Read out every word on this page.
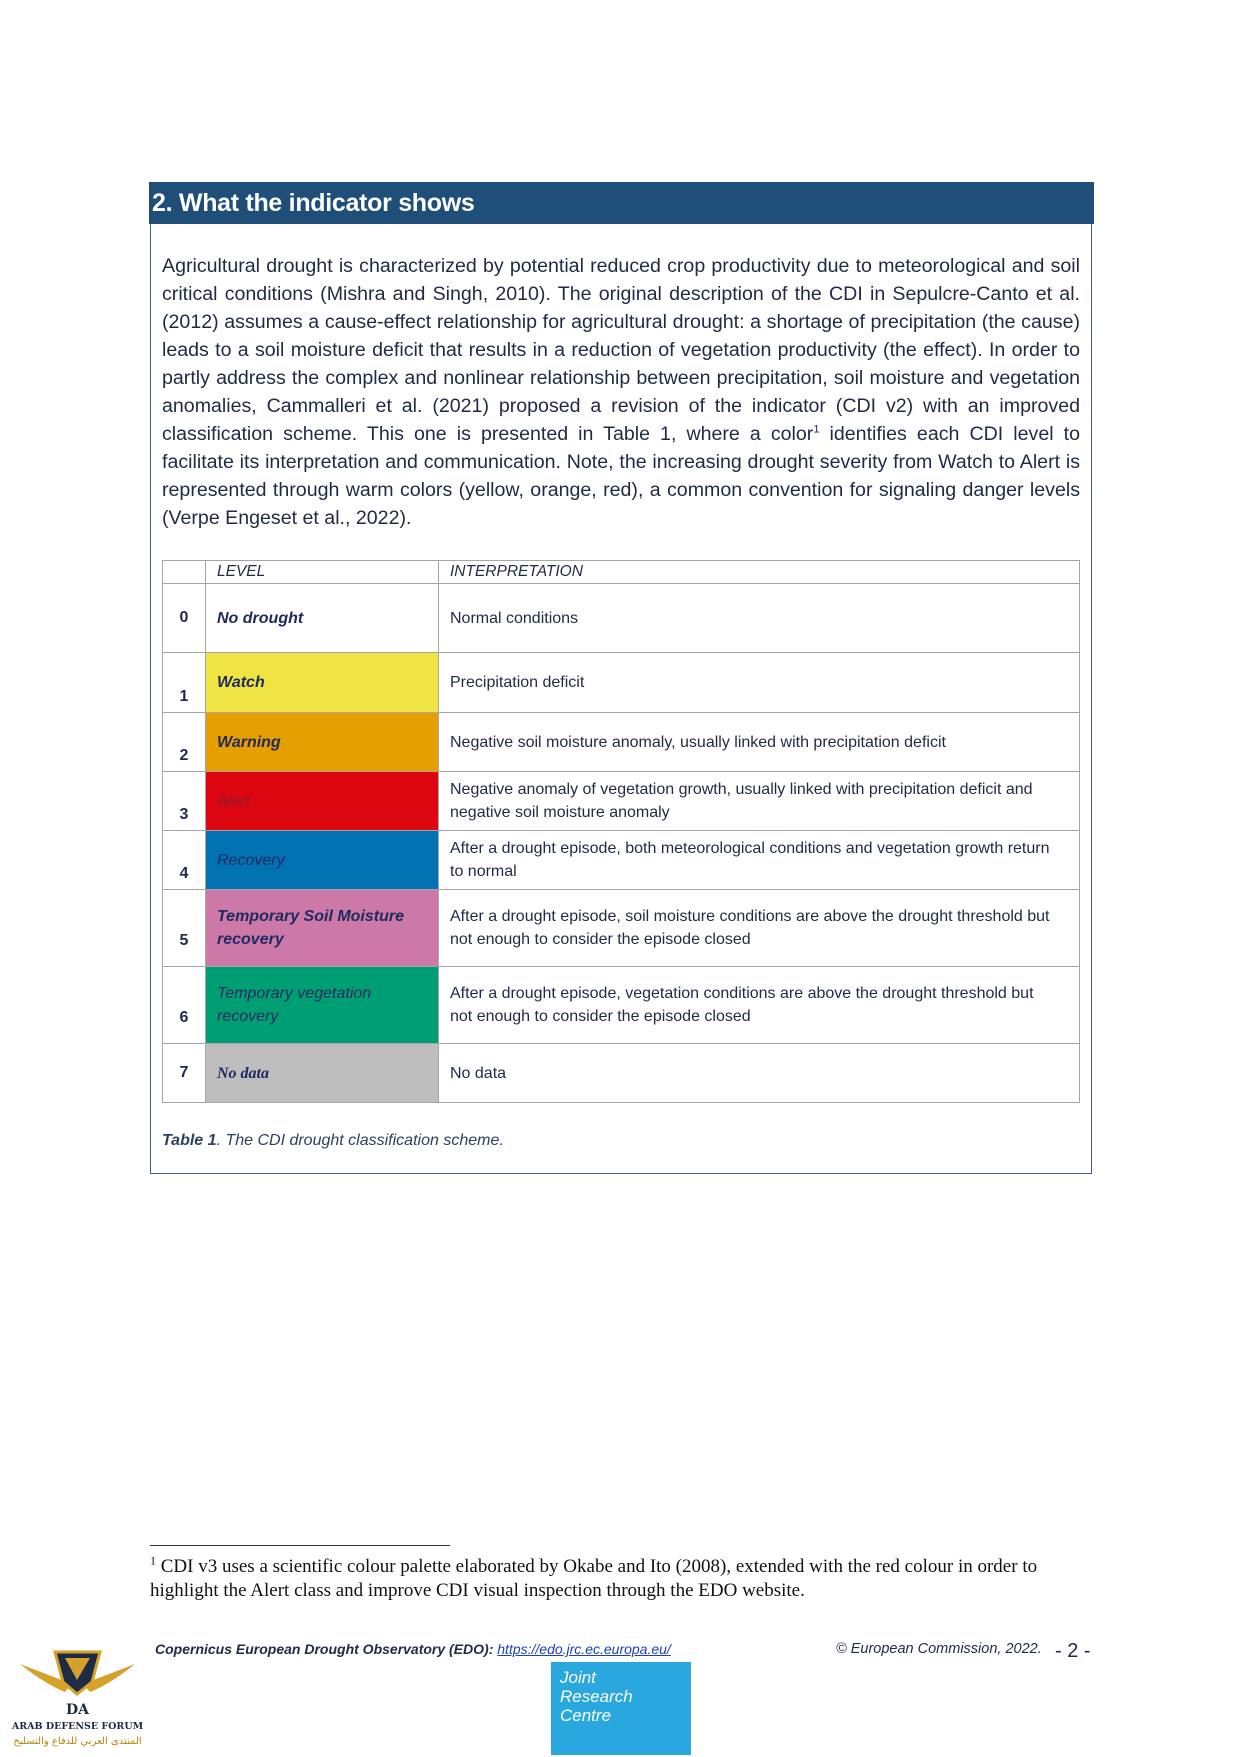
2. What the indicator shows

Agricultural drought is characterized by potential reduced crop productivity due to meteorological and soil critical conditions (Mishra and Singh, 2010). The original description of the CDI in Sepulcre-Canto et al. (2012) assumes a cause-effect relationship for agricultural drought: a shortage of precipitation (the cause) leads to a soil moisture deficit that results in a reduction of vegetation productivity (the effect). In order to partly address the complex and nonlinear relationship between precipitation, soil moisture and vegetation anomalies, Cammalleri et al. (2021) proposed a revision of the indicator (CDI v2) with an improved classification scheme. This one is presented in Table 1, where a color$^1$ identifies each CDI level to facilitate its interpretation and communication. Note, the increasing drought severity from Watch to Alert is represented through warm colors (yellow, orange, red), a common convention for signaling danger levels (Verpe Engeset et al., 2022).

	LEVEL	INTERPRETATION
0	No drought	Normal conditions
1	Watch	Precipitation deficit
2	Warning	Negative soil moisture anomaly, usually linked with precipitation deficit
3	Alert	Negative anomaly of vegetation growth, usually linked with precipitation deficit and negative soil moisture anomaly
4	Recovery	After a drought episode, both meteorological conditions and vegetation growth return to normal
5	Temporary Soil Moisture recovery	After a drought episode, soil moisture conditions are above the drought threshold but not enough to consider the episode closed
6	Temporary vegetation recovery	After a drought episode, vegetation conditions are above the drought threshold but not enough to consider the episode closed
7	No data	No data
Table 1. The CDI drought classification scheme.
$^1$ CDI v3 uses a scientific colour palette elaborated by Okabe and Ito (2008), extended with the red colour in order to highlight the Alert class and improve CDI visual inspection through the EDO website.
Copernicus European Drought Observatory (EDO): https://edo.jrc.ec.europa.eu/	© European Commission, 2022. - 2 -
Joint
Research
Centre
DA
ARAB DEFENSE FORUM
المنتدى العربي للدفاع والتسليح
